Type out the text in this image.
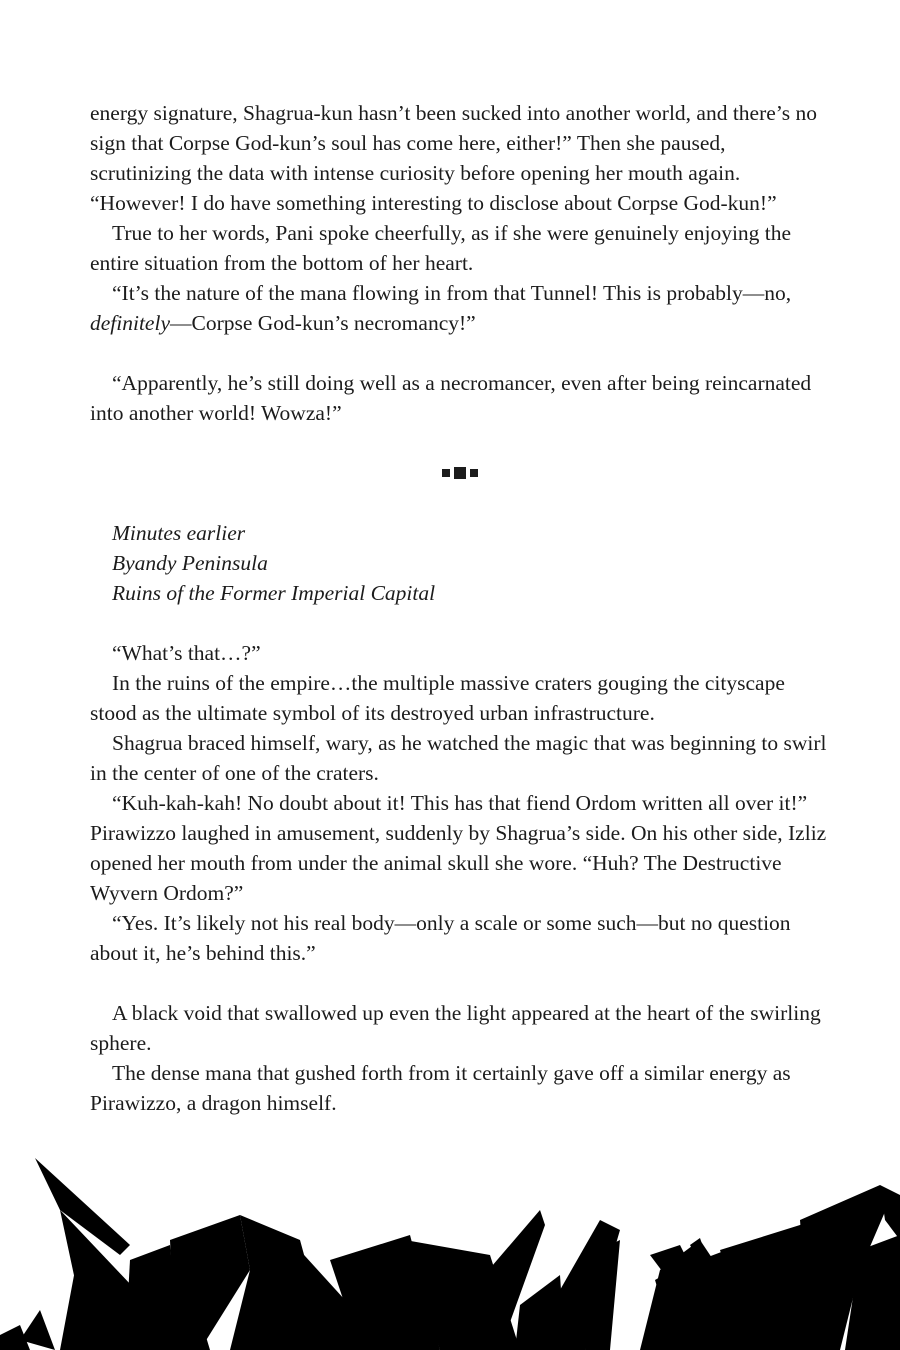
energy signature, Shagrua-kun hasn’t been sucked into another world, and there’s no sign that Corpse God-kun’s soul has come here, either!” Then she paused, scrutinizing the data with intense curiosity before opening her mouth again. “However! I do have something interesting to disclose about Corpse God-kun!”

True to her words, Pani spoke cheerfully, as if she were genuinely enjoying the entire situation from the bottom of her heart.

“It’s the nature of the mana flowing in from that Tunnel! This is probably—no, definitely—Corpse God-kun’s necromancy!”

“Apparently, he’s still doing well as a necromancer, even after being reincarnated into another world! Wowza!”

Minutes earlier
Byandy Peninsula
Ruins of the Former Imperial Capital

“What’s that…?”

In the ruins of the empire…the multiple massive craters gouging the cityscape stood as the ultimate symbol of its destroyed urban infrastructure.

Shagrua braced himself, wary, as he watched the magic that was beginning to swirl in the center of one of the craters.

“Kuh-kah-kah! No doubt about it! This has that fiend Ordom written all over it!” Pirawizzo laughed in amusement, suddenly by Shagrua’s side. On his other side, Izliz opened her mouth from under the animal skull she wore. “Huh? The Destructive Wyvern Ordom?”

“Yes. It’s likely not his real body—only a scale or some such—but no question about it, he’s behind this.”

A black void that swallowed up even the light appeared at the heart of the swirling sphere.

The dense mana that gushed forth from it certainly gave off a similar energy as Pirawizzo, a dragon himself.
